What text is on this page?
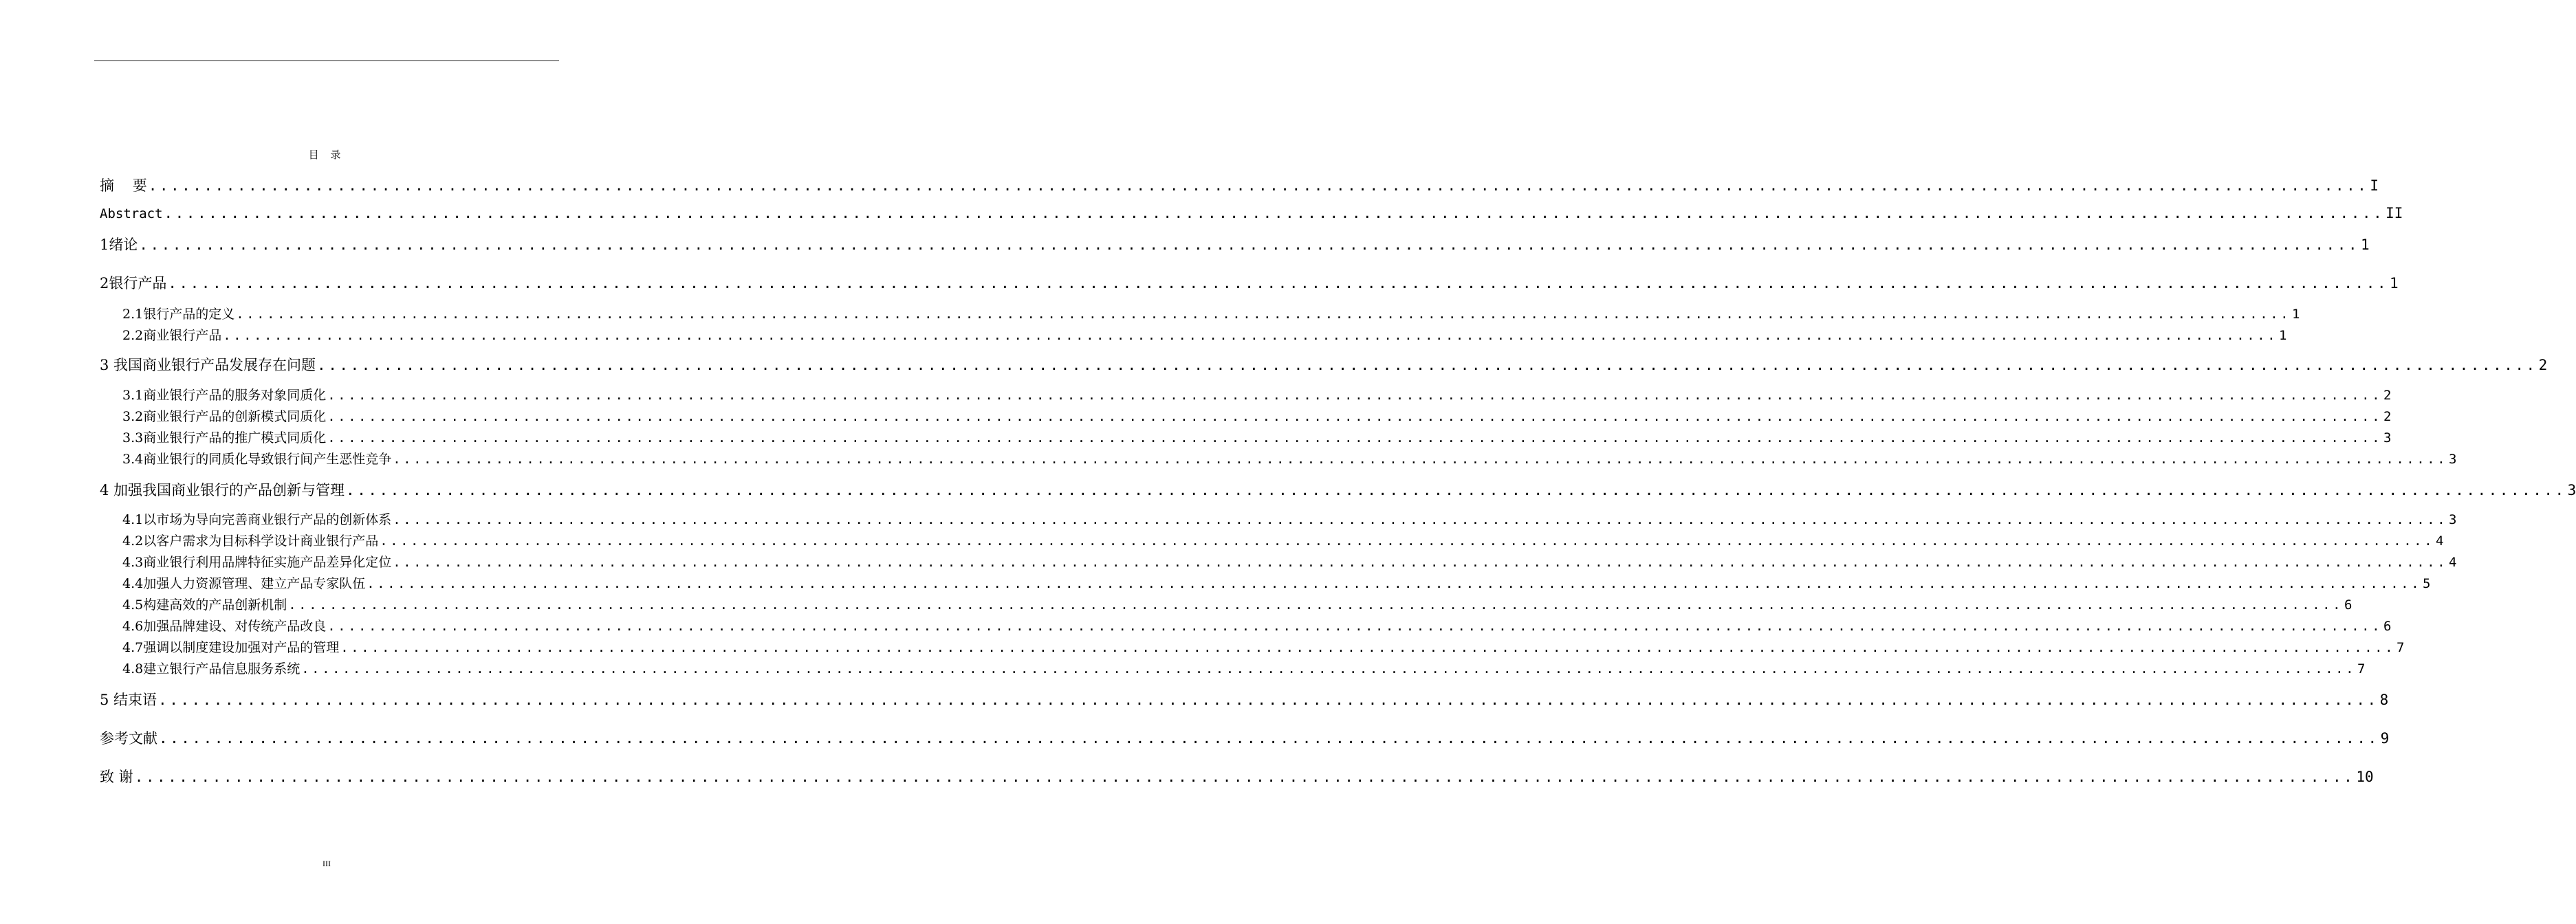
目 录
摘    要 ........................................................................................................................................................................................................ I
Abstract ........................................................................................................................................................................................................ II
1绪论 ........................................................................................................................................................................................................ 1
2银行产品 ........................................................................................................................................................................................................ 1
2.1银行产品的定义 ........................................................................................................................................................................................................ 1
2.2商业银行产品 ........................................................................................................................................................................................................ 1
3 我国商业银行产品发展存在问题 ........................................................................................................................................................................................................ 2
3.1商业银行产品的服务对象同质化 ........................................................................................................................................................................................................ 2
3.2商业银行产品的创新模式同质化 ........................................................................................................................................................................................................ 2
3.3商业银行产品的推广模式同质化 ........................................................................................................................................................................................................ 3
3.4商业银行的同质化导致银行间产生恶性竞争 ........................................................................................................................................................................................................ 3
4 加强我国商业银行的产品创新与管理 ........................................................................................................................................................................................................ 3
4.1以市场为导向完善商业银行产品的创新体系 ........................................................................................................................................................................................................ 3
4.2以客户需求为目标科学设计商业银行产品 ........................................................................................................................................................................................................ 4
4.3商业银行利用品牌特征实施产品差异化定位 ........................................................................................................................................................................................................ 4
4.4加强人力资源管理、建立产品专家队伍 ........................................................................................................................................................................................................ 5
4.5构建高效的产品创新机制 ........................................................................................................................................................................................................ 6
4.6加强品牌建设、对传统产品改良 ........................................................................................................................................................................................................ 6
4.7强调以制度建设加强对产品的管理 ........................................................................................................................................................................................................ 7
4.8建立银行产品信息服务系统 ........................................................................................................................................................................................................ 7
5 结束语 ........................................................................................................................................................................................................ 8
参考文献 ........................................................................................................................................................................................................ 9
致 谢 ........................................................................................................................................................................................................ 10
III
